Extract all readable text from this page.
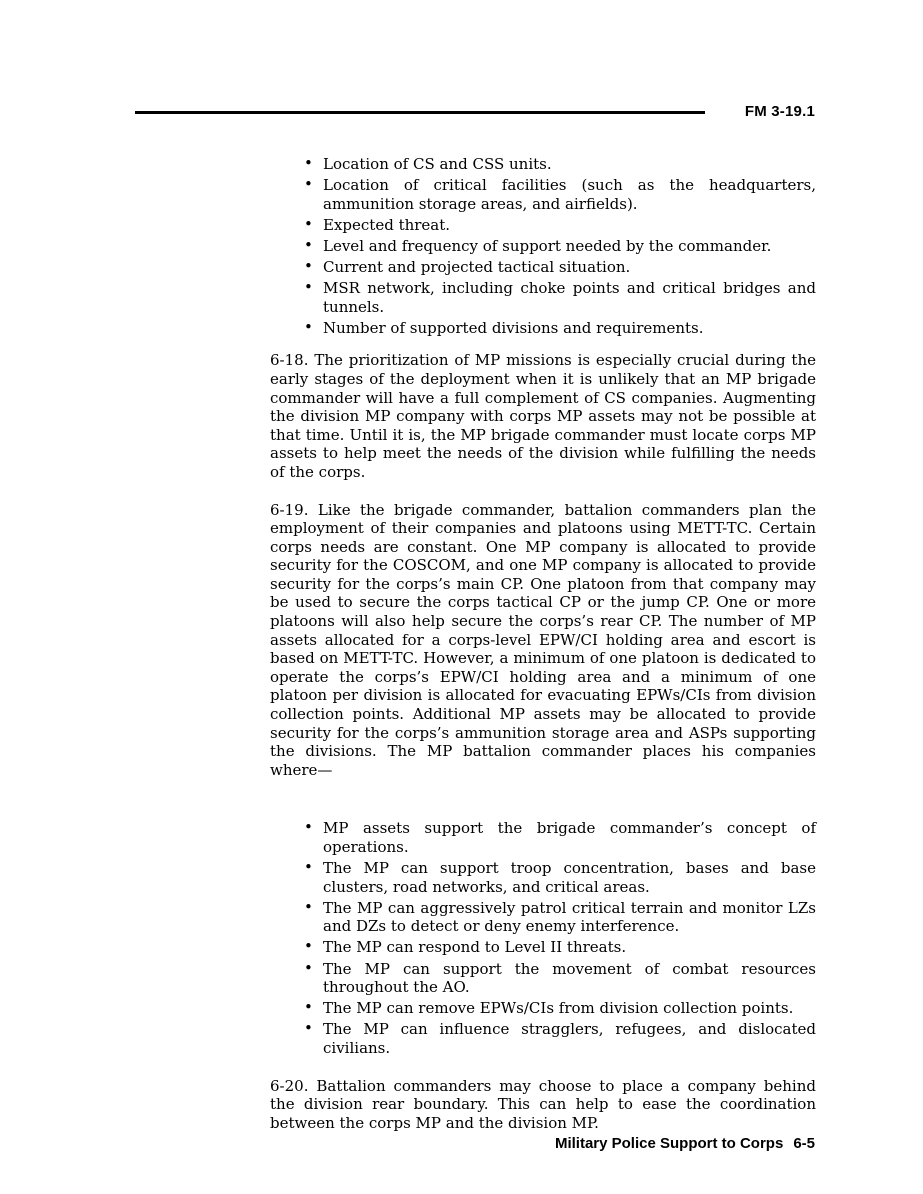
FM 3-19.1
• Location of CS and CSS units.
• Location of critical facilities (such as the headquarters, ammunition storage areas, and airfields).
• Expected threat.
• Level and frequency of support needed by the commander.
• Current and projected tactical situation.
• MSR network, including choke points and critical bridges and tunnels.
• Number of supported divisions and requirements.

6-18. The prioritization of MP missions is especially crucial during the early stages of the deployment when it is unlikely that an MP brigade commander will have a full complement of CS companies. Augmenting the division MP company with corps MP assets may not be possible at that time. Until it is, the MP brigade commander must locate corps MP assets to help meet the needs of the division while fulfilling the needs of the corps.

6-19. Like the brigade commander, battalion commanders plan the employment of their companies and platoons using METT-TC. Certain corps needs are constant. One MP company is allocated to provide security for the COSCOM, and one MP company is allocated to provide security for the corps’s main CP. One platoon from that company may be used to secure the corps tactical CP or the jump CP. One or more platoons will also help secure the corps’s rear CP. The number of MP assets allocated for a corps-level EPW/CI holding area and escort is based on METT-TC. However, a minimum of one platoon is dedicated to operate the corps’s EPW/CI holding area and a minimum of one platoon per division is allocated for evacuating EPWs/CIs from division collection points. Additional MP assets may be allocated to provide security for the corps’s ammunition storage area and ASPs supporting the divisions. The MP battalion commander places his companies where—

• MP assets support the brigade commander’s concept of operations.
• The MP can support troop concentration, bases and base clusters, road networks, and critical areas.
• The MP can aggressively patrol critical terrain and monitor LZs and DZs to detect or deny enemy interference.
• The MP can respond to Level II threats.
• The MP can support the movement of combat resources throughout the AO.
• The MP can remove EPWs/CIs from division collection points.
• The MP can influence stragglers, refugees, and dislocated civilians.

6-20. Battalion commanders may choose to place a company behind the division rear boundary. This can help to ease the coordination between the corps MP and the division MP.

Military Police Support to Corps 6-5
